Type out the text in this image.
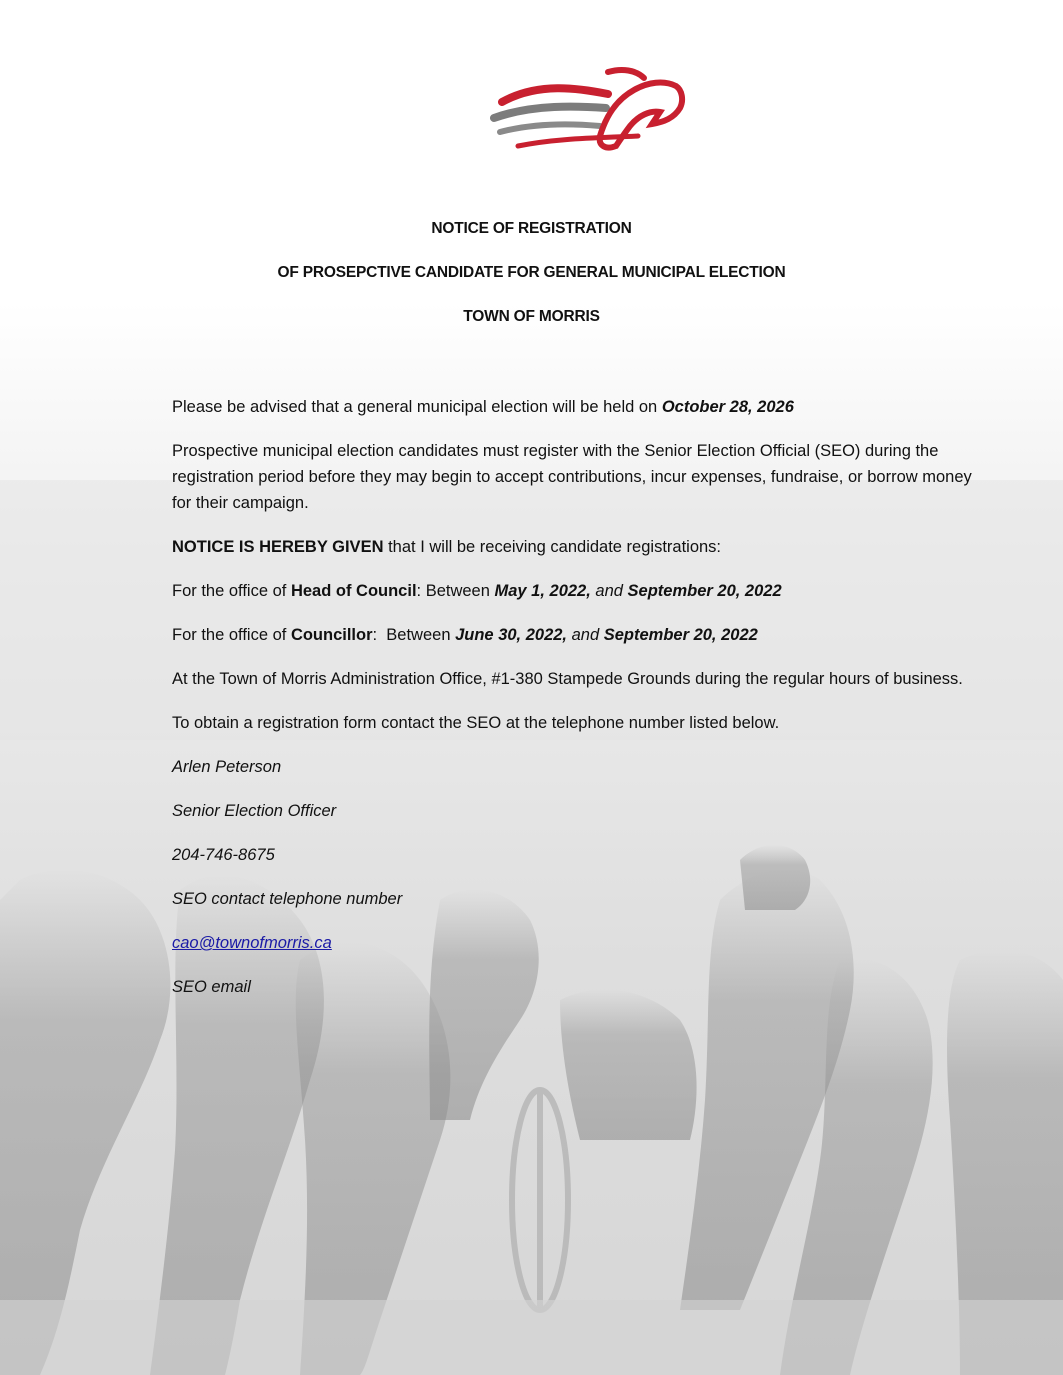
NOTICE OF REGISTRATION
OF PROSEPCTIVE CANDIDATE FOR GENERAL MUNICIPAL ELECTION
TOWN OF MORRIS

Please be advised that a general municipal election will be held on October 28, 2026

Prospective municipal election candidates must register with the Senior Election Official (SEO) during the registration period before they may begin to accept contributions, incur expenses, fundraise, or borrow money for their campaign.

NOTICE IS HEREBY GIVEN that I will be receiving candidate registrations:

For the office of Head of Council: Between May 1, 2022, and September 20, 2022

For the office of Councillor:  Between June 30, 2022, and September 20, 2022

At the Town of Morris Administration Office, #1-380 Stampede Grounds during the regular hours of business.

To obtain a registration form contact the SEO at the telephone number listed below.

Arlen Peterson

Senior Election Officer

204-746-8675

SEO contact telephone number

cao@townofmorris.ca

SEO email
